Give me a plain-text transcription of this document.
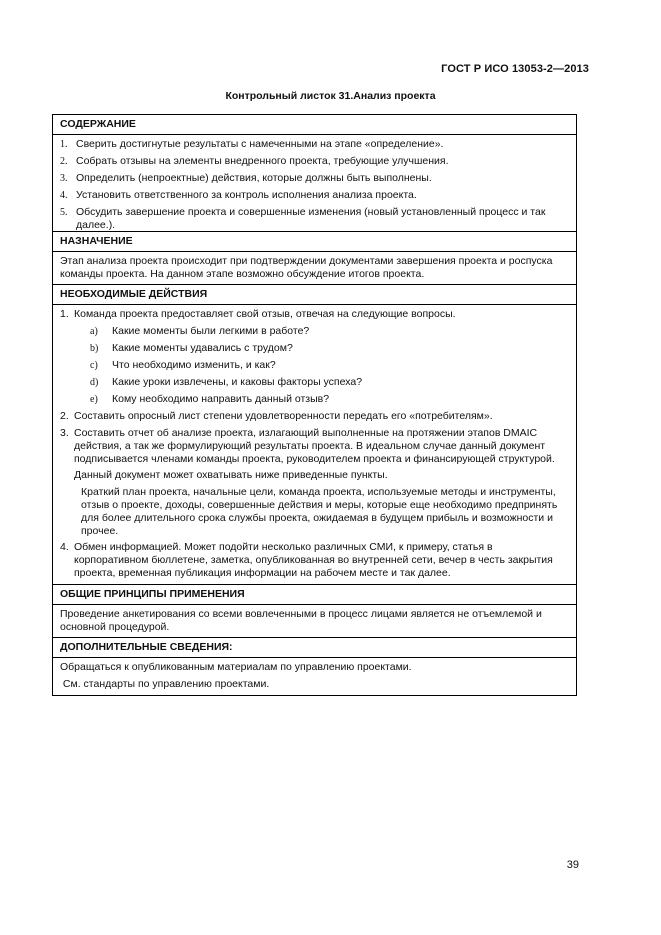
ГОСТ Р ИСО 13053-2—2013
Контрольный листок 31.Анализ проекта
СОДЕРЖАНИЕ
1. Сверить достигнутые результаты с намеченными на этапе «определение».
2. Собрать отзывы на элементы внедренного проекта, требующие улучшения.
3. Определить (непроектные) действия, которые должны быть выполнены.
4. Установить ответственного за контроль исполнения анализа проекта.
5. Обсудить завершение проекта и совершенные изменения (новый установленный процесс и так далее.).
НАЗНАЧЕНИЕ
Этап анализа проекта происходит при подтверждении документами завершения проекта и роспуска команды проекта. На данном этапе возможно обсуждение итогов проекта.
НЕОБХОДИМЫЕ ДЕЙСТВИЯ
1. Команда проекта предоставляет свой отзыв, отвечая на следующие вопросы.
a)	Какие моменты были легкими в работе?
b)	Какие моменты удавались с трудом?
c)	Что необходимо изменить, и как?
d)	Какие уроки извлечены, и каковы факторы успеха?
e)	Кому необходимо направить данный отзыв?
2. Составить опросный лист степени удовлетворенности передать его «потребителям».
3. Составить отчет об анализе проекта, излагающий выполненные на протяжении этапов DMAIC действия, а так же формулирующий результаты проекта. В идеальном случае данный документ подписывается членами команды проекта, руководителем проекта и финансирующей структурой.
Данный документ может охватывать ниже приведенные пункты.
Краткий план проекта, начальные цели, команда проекта, используемые методы и инструменты, отзыв о проекте, доходы, совершенные действия и меры, которые еще необходимо предпринять для более длительного срока службы проекта, ожидаемая в будущем прибыль и возможности и прочее.
4. Обмен информацией. Может подойти несколько различных СМИ, к примеру, статья в корпоративном бюллетене, заметка, опубликованная во внутренней сети, вечер в честь закрытия проекта, временная публикация информации на рабочем месте и так далее.
ОБЩИЕ ПРИНЦИПЫ ПРИМЕНЕНИЯ
Проведение анкетирования со всеми вовлеченными в процесс лицами является не отъемлемой и основной процедурой.
ДОПОЛНИТЕЛЬНЫЕ СВЕДЕНИЯ:
Обращаться к опубликованным материалам по управлению проектами.
См. стандарты по управлению проектами.
39
